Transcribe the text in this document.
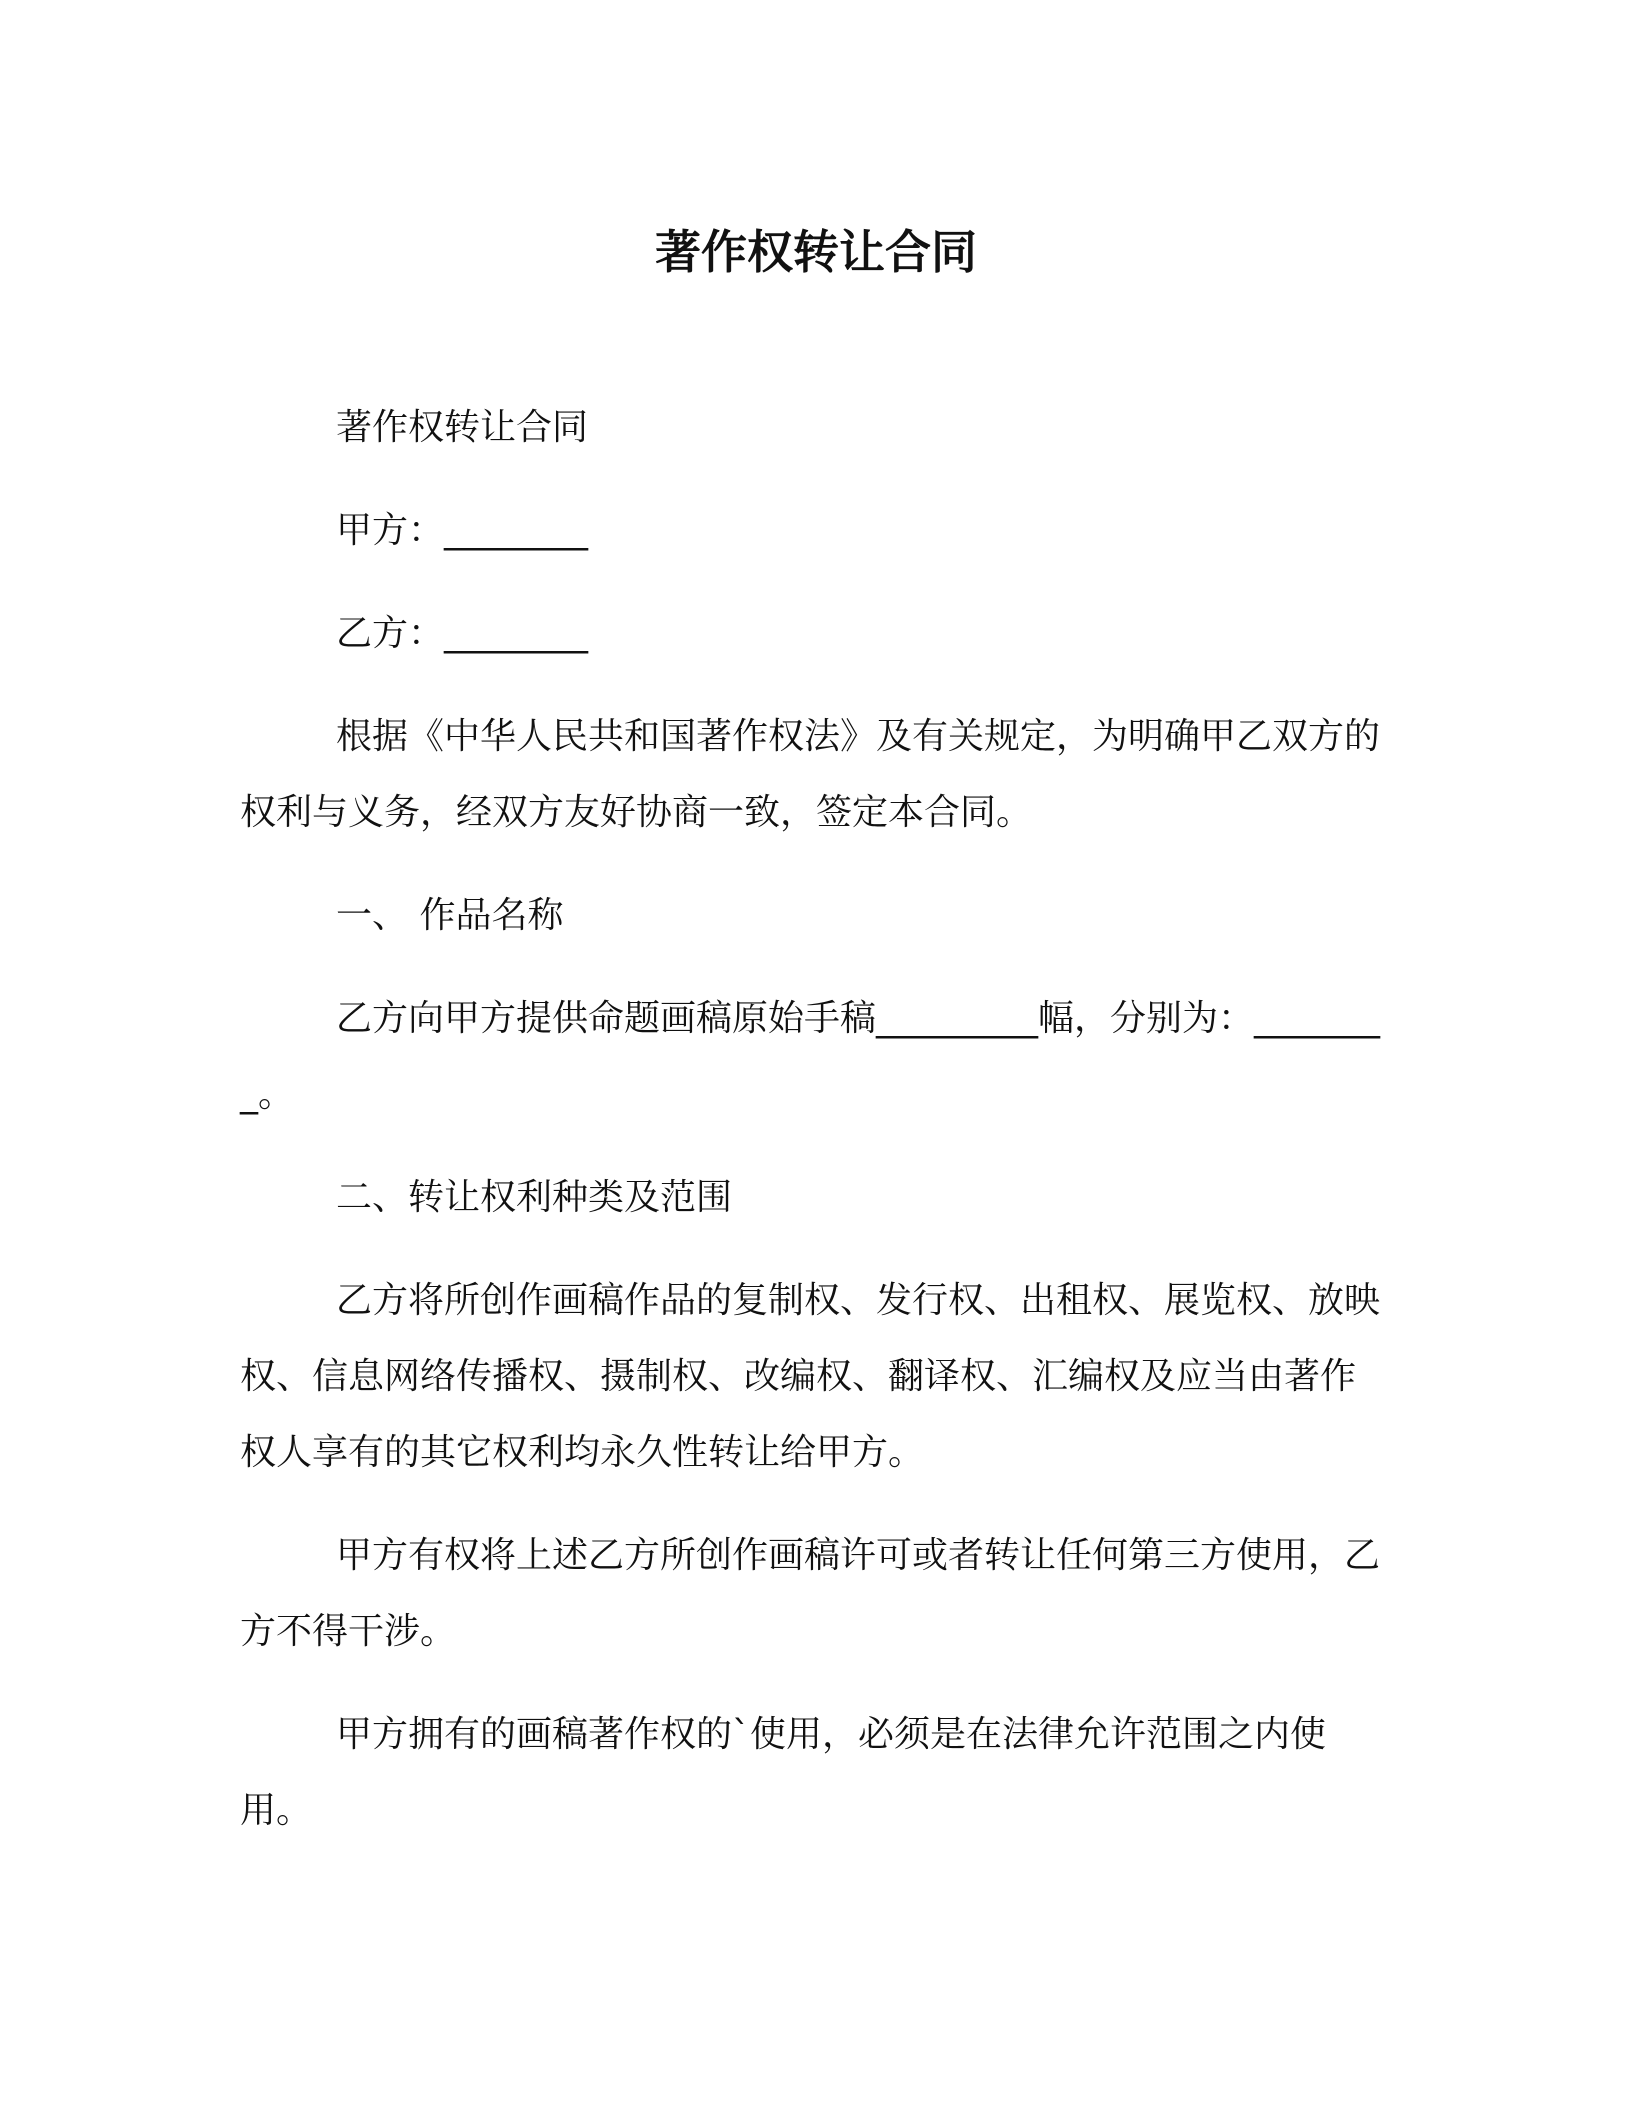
著作权转让合同

著作权转让合同

甲方：________

乙方：________

根据《中华人民共和国著作权法》及有关规定，为明确甲乙双方的权利与义务，经双方友好协商一致，签定本合同。

一、 作品名称

乙方向甲方提供命题画稿原始手稿_________幅，分别为：________。

二、转让权利种类及范围

乙方将所创作画稿作品的复制权、发行权、出租权、展览权、放映权、信息网络传播权、摄制权、改编权、翻译权、汇编权及应当由著作权人享有的其它权利均永久性转让给甲方。

甲方有权将上述乙方所创作画稿许可或者转让任何第三方使用，乙方不得干涉。

甲方拥有的画稿著作权的`使用，必须是在法律允许范围之内使用。
